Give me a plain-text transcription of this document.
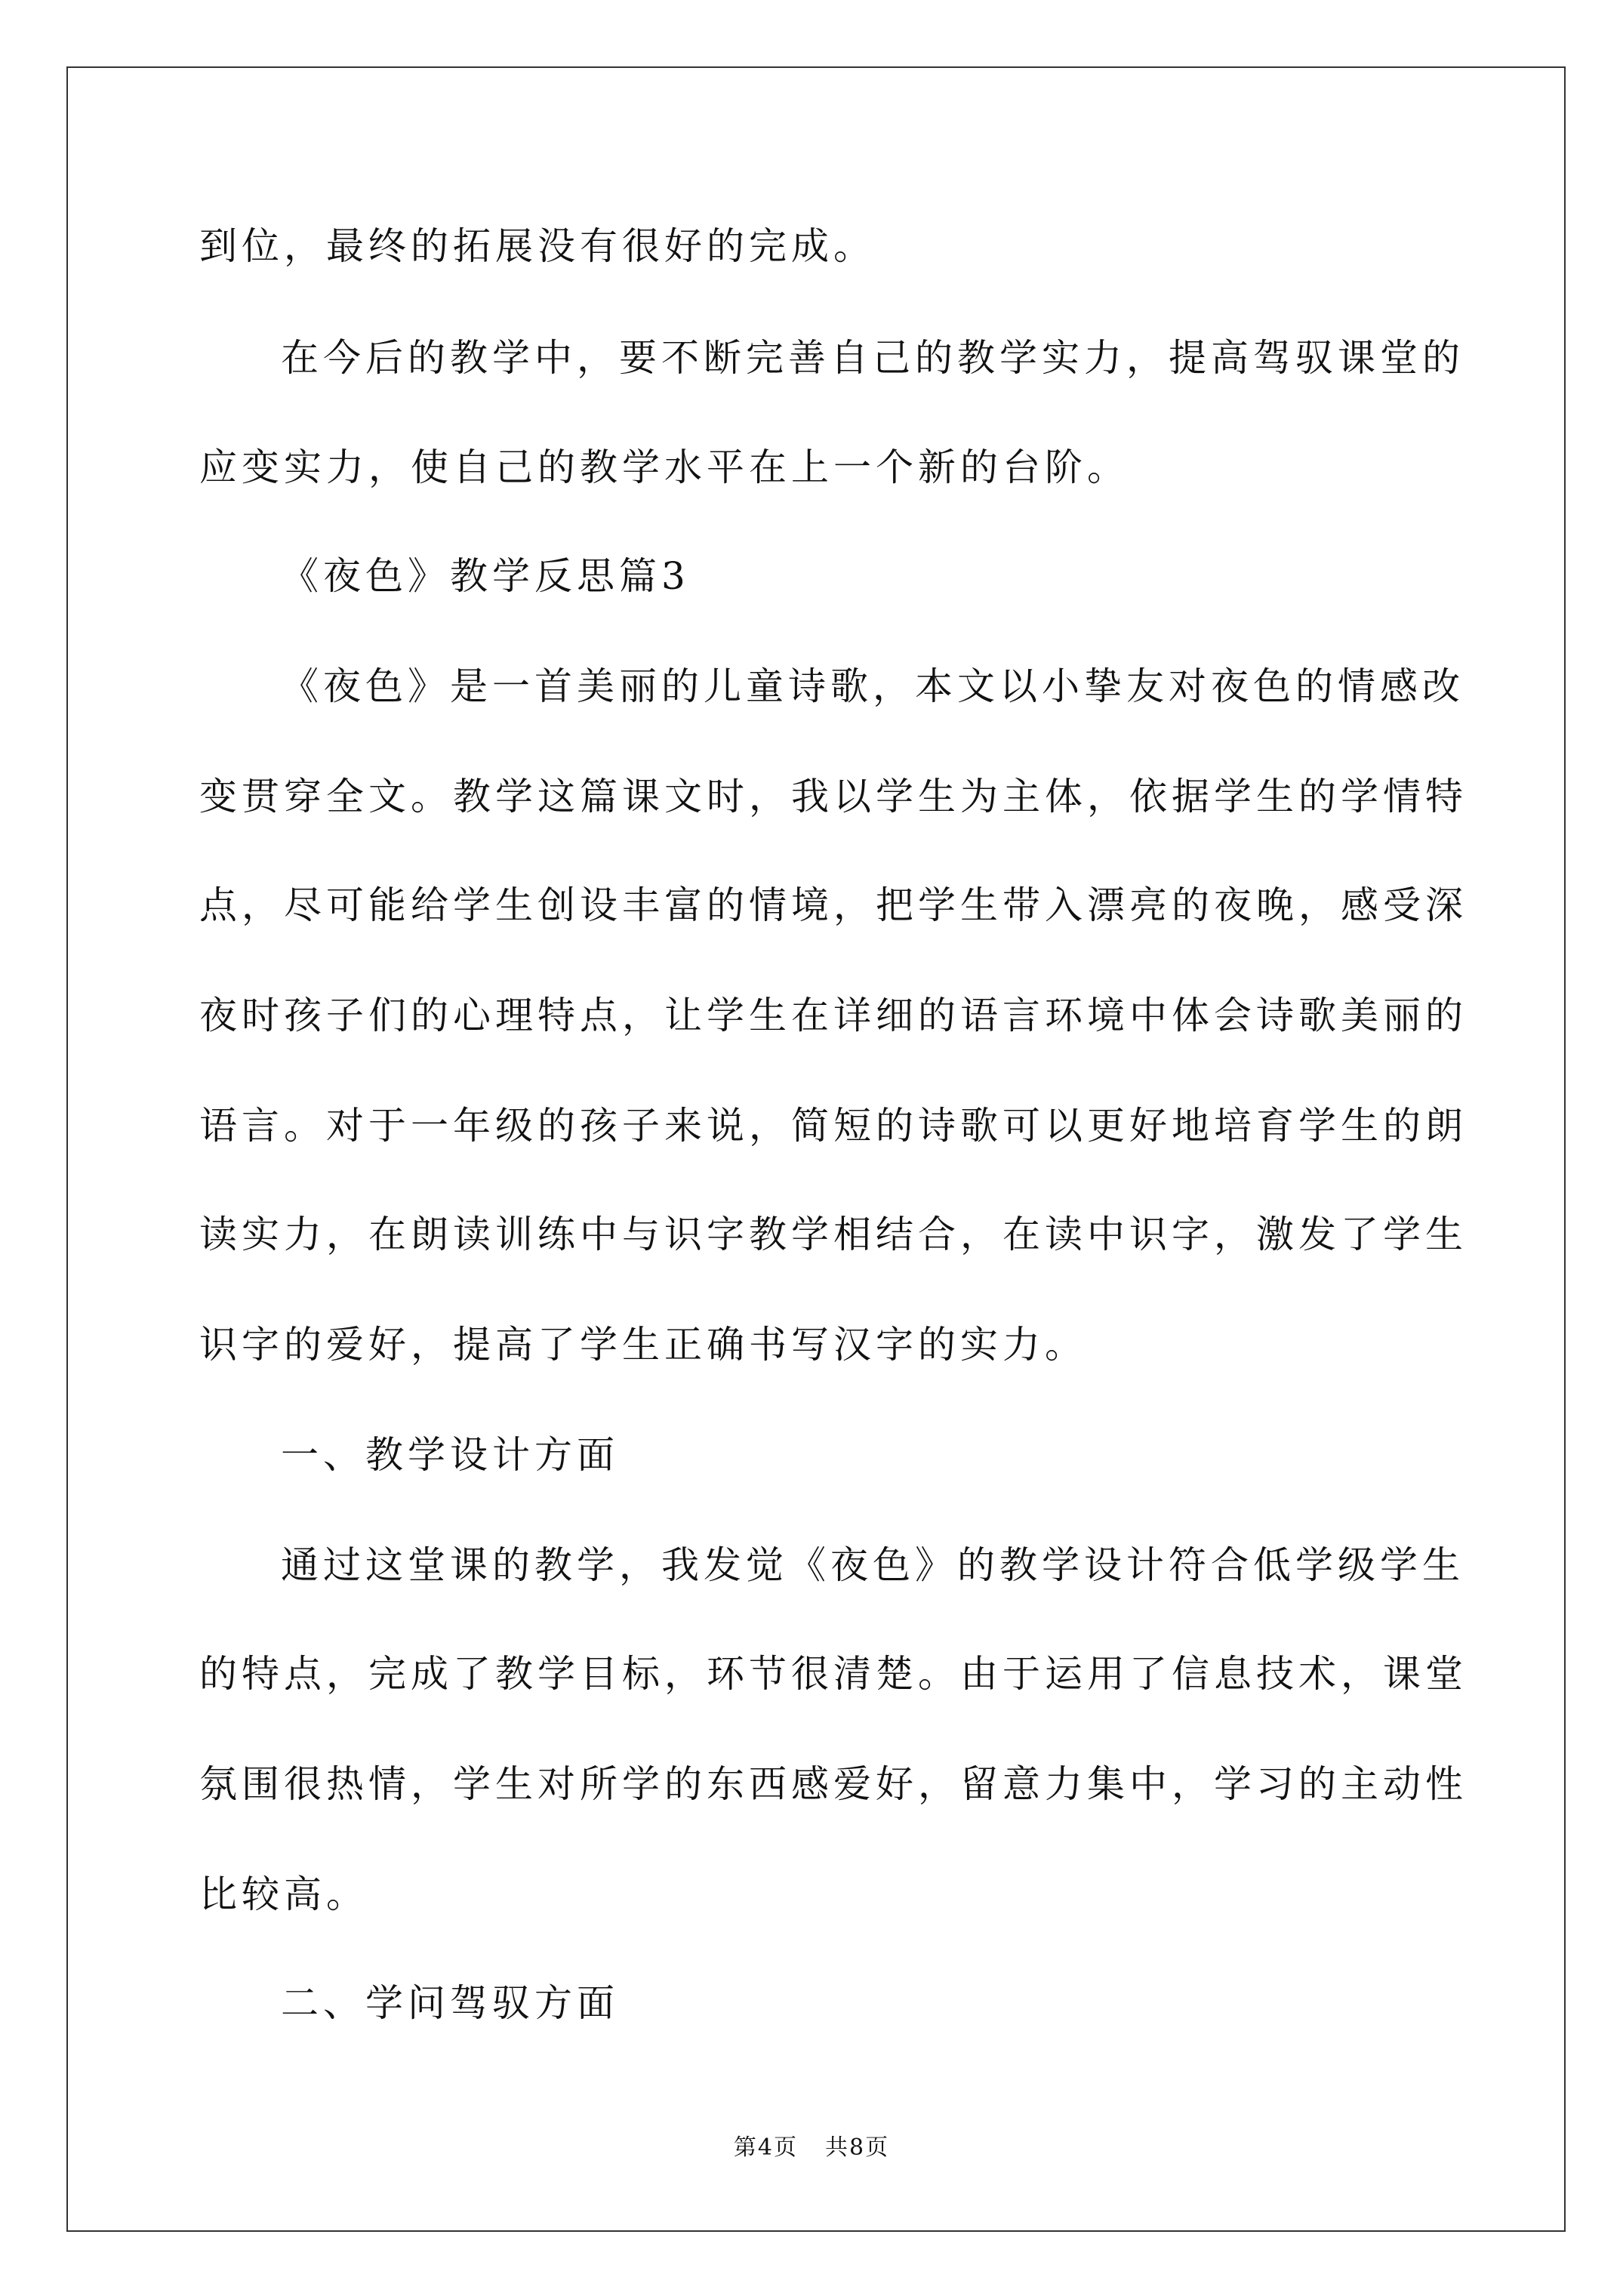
到位，最终的拓展没有很好的完成。
在今后的教学中，要不断完善自己的教学实力，提高驾驭课堂的
应变实力，使自己的教学水平在上一个新的台阶。
《夜色》教学反思篇3
《夜色》是一首美丽的儿童诗歌，本文以小挚友对夜色的情感改
变贯穿全文。教学这篇课文时，我以学生为主体，依据学生的学情特
点，尽可能给学生创设丰富的情境，把学生带入漂亮的夜晚，感受深
夜时孩子们的心理特点，让学生在详细的语言环境中体会诗歌美丽的
语言。对于一年级的孩子来说，简短的诗歌可以更好地培育学生的朗
读实力，在朗读训练中与识字教学相结合，在读中识字，激发了学生
识字的爱好，提高了学生正确书写汉字的实力。
一、教学设计方面
通过这堂课的教学，我发觉《夜色》的教学设计符合低学级学生
的特点，完成了教学目标，环节很清楚。由于运用了信息技术，课堂
氛围很热情，学生对所学的东西感爱好，留意力集中，学习的主动性
比较高。
二、学问驾驭方面
第4页 共8页
